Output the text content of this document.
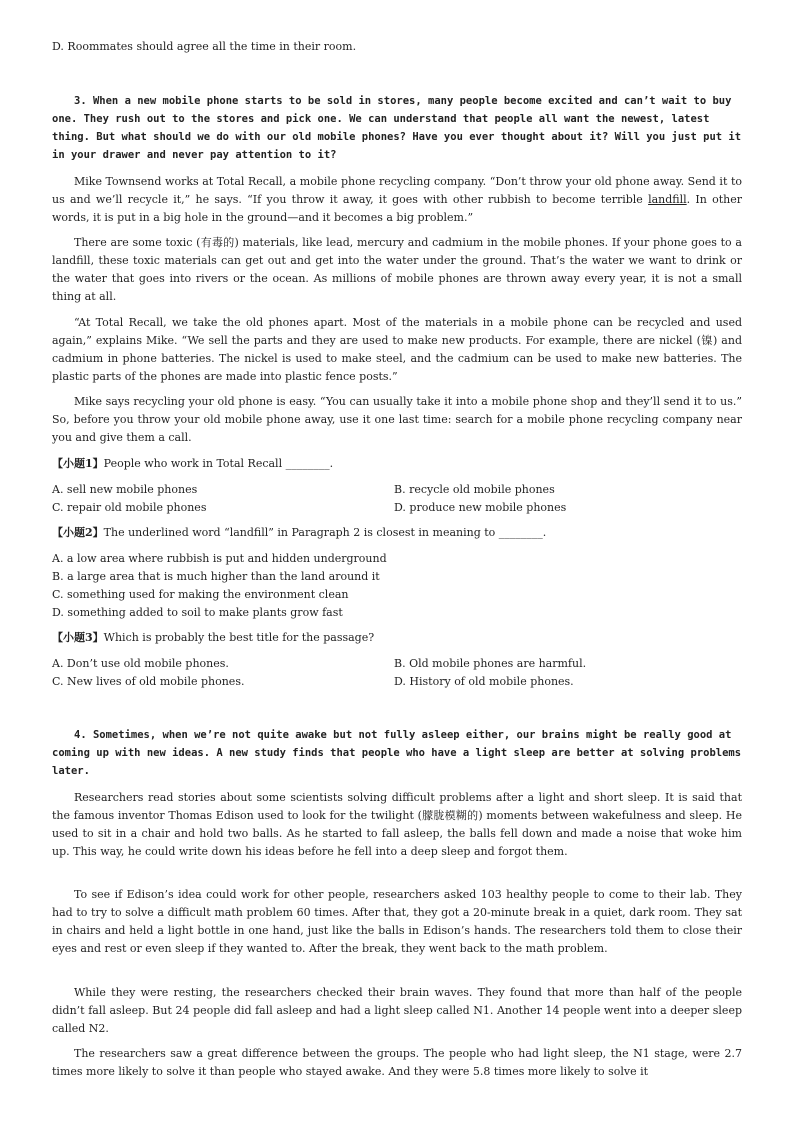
D. Roommates should agree all the time in their room.
3. When a new mobile phone starts to be sold in stores, many people become excited and can’t wait to buy one. They rush out to the stores and pick one. We can understand that people all want the newest, latest thing. But what should we do with our old mobile phones? Have you ever thought about it? Will you just put it in your drawer and never pay attention to it?
Mike Townsend works at Total Recall, a mobile phone recycling company. “Don’t throw your old phone away. Send it to us and we’ll recycle it,” he says. “If you throw it away, it goes with other rubbish to become terrible landfill. In other words, it is put in a big hole in the ground—and it becomes a big problem.”
There are some toxic (有毒的) materials, like lead, mercury and cadmium in the mobile phones. If your phone goes to a landfill, these toxic materials can get out and get into the water under the ground. That’s the water we want to drink or the water that goes into rivers or the ocean. As millions of mobile phones are thrown away every year, it is not a small thing at all.
“At Total Recall, we take the old phones apart. Most of the materials in a mobile phone can be recycled and used again,” explains Mike. “We sell the parts and they are used to make new products. For example, there are nickel (镍) and cadmium in phone batteries. The nickel is used to make steel, and the cadmium can be used to make new batteries. The plastic parts of the phones are made into plastic fence posts.”
Mike says recycling your old phone is easy. “You can usually take it into a mobile phone shop and they’ll send it to us.” So, before you throw your old mobile phone away, use it one last time: search for a mobile phone recycling company near you and give them a call.
【小题1】People who work in Total Recall ________.
A. sell new mobile phones	B. recycle old mobile phones
C. repair old mobile phones	D. produce new mobile phones
【小题2】The underlined word “landfill” in Paragraph 2 is closest in meaning to ________.
A. a low area where rubbish is put and hidden underground
B. a large area that is much higher than the land around it
C. something used for making the environment clean
D. something added to soil to make plants grow fast
【小题3】Which is probably the best title for the passage?
A. Don’t use old mobile phones.	B. Old mobile phones are harmful.
C. New lives of old mobile phones.	D. History of old mobile phones.
4. Sometimes, when we’re not quite awake but not fully asleep either, our brains might be really good at coming up with new ideas. A new study finds that people who have a light sleep are better at solving problems later.
Researchers read stories about some scientists solving difficult problems after a light and short sleep. It is said that the famous inventor Thomas Edison used to look for the twilight (朦胧模糊的) moments between wakefulness and sleep. He used to sit in a chair and hold two balls. As he started to fall asleep, the balls fell down and made a noise that woke him up. This way, he could write down his ideas before he fell into a deep sleep and forgot them.
To see if Edison’s idea could work for other people, researchers asked 103 healthy people to come to their lab. They had to try to solve a difficult math problem 60 times. After that, they got a 20-minute break in a quiet, dark room. They sat in chairs and held a light bottle in one hand, just like the balls in Edison’s hands. The researchers told them to close their eyes and rest or even sleep if they wanted to. After the break, they went back to the math problem.
While they were resting, the researchers checked their brain waves. They found that more than half of the people didn’t fall asleep. But 24 people did fall asleep and had a light sleep called N1. Another 14 people went into a deeper sleep called N2.
The researchers saw a great difference between the groups. The people who had light sleep, the N1 stage, were 2.7 times more likely to solve it than people who stayed awake. And they were 5.8 times more likely to solve it
